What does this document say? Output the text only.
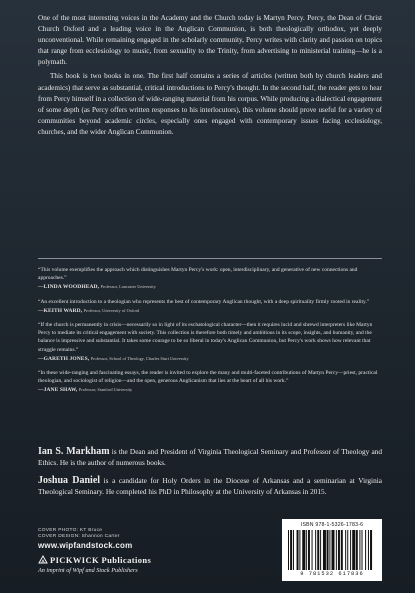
One of the most interesting voices in the Academy and the Church today is Martyn Percy. Percy, the Dean of Christ Church Oxford and a leading voice in the Anglican Communion, is both theologically orthodox, yet deeply unconventional. While remaining engaged in the scholarly community, Percy writes with clarity and passion on topics that range from ecclesiology to music, from sexuality to the Trinity, from advertising to ministerial training—he is a polymath.

This book is two books in one. The first half contains a series of articles (written both by church leaders and academics) that serve as substantial, critical introductions to Percy's thought. In the second half, the reader gets to hear from Percy himself in a collection of wide-ranging material from his corpus. While producing a dialectical engagement of some depth (as Percy offers written responses to his interlocutors), this volume should prove useful for a variety of communities beyond academic circles, especially ones engaged with contemporary issues facing ecclesiology, churches, and the wider Anglican Communion.

“This volume exemplifies the approach which distinguishes Martyn Percy's work: open, interdisciplinary, and generative of new connections and approaches.”

—LINDA WOODHEAD, Professor, Lancaster University

“An excellent introduction to a theologian who represents the best of contemporary Anglican thought, with a deep spirituality firmly rooted in reality.”

—KEITH WARD, Professor, University of Oxford

“If the church is permanently in crisis—necessarily so in light of its eschatological character—then it requires lucid and shrewd interpreters like Martyn Percy to mediate its critical engagement with society. This collection is therefore both timely and ambitious in its scope, insights, and humanity, and the balance is impressive and substantial. It takes some courage to be so liberal in today's Anglican Communion, but Percy's work shows how relevant that struggle remains.”

—GARETH JONES, Professor, School of Theology, Charles Sturt University

“In these wide-ranging and fascinating essays, the reader is invited to explore the many and multi-faceted contributions of Martyn Percy—priest, practical theologian, and sociologist of religion—and the open, generous Anglicanism that lies at the heart of all his work.”

—JANE SHAW, Professor, Stanford University

Ian S. Markham is the Dean and President of Virginia Theological Seminary and Professor of Theology and Ethics. He is the author of numerous books.

Joshua Daniel is a candidate for Holy Orders in the Diocese of Arkansas and a seminarian at Virginia Theological Seminary. He completed his PhD in Philosophy at the University of Arkansas in 2015.

COVER PHOTO: KT Bruce
COVER DESIGN: Shannon Carter
www.wipfandstock.com
PICKWICK Publications
An imprint of Wipf and Stock Publishers
ISBN 978-1-5326-1783-6
9 781532 617836
